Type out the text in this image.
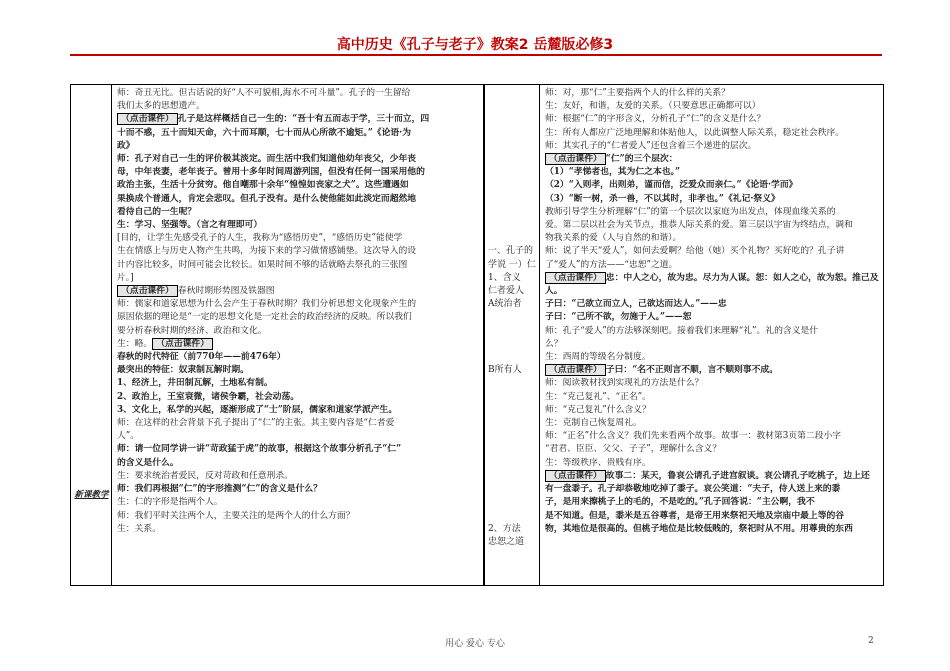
高中历史《孔子与老子》教案2 岳麓版必修3
新课教学

师：奇丑无比。但古话说的好“人不可貌相,海水不可斗量”。孔子的一生留给

我们太多的思想遗产。

（点击课件） 孔子是这样概括自己一生的：“吾十有五而志于学，三十而立，四

十而不惑，五十而知天命，六十而耳顺，七十而从心所欲不逾矩。”《论语·为

政》

师：孔子对自己一生的评价极其淡定。而生活中我们知道他幼年丧父，少年丧

母，中年丧妻，老年丧子。曾用十多年时间周游列国，但没有任何一国采用他的

政治主张，生活十分贫穷。他自嘲那十余年“惶惶如丧家之犬”。这些遭遇如

果换成个普通人，肯定会悲叹。但孔子没有。是什么使他能如此淡定而超然地

看待自己的一生呢？

生：学习、坚强等。（言之有理即可）

[目的，让学生先感受孔子的人生，我称为“感悟历史”，“感悟历史”能使学

生在情感上与历史人物产生共鸣，为接下来的学习做情感铺垫。这次导入的设

计内容比较多，时间可能会比较长。如果时间不够的话就略去祭孔的三张图

片。]

（点击课件） 春秋时期形势图及铁器图

师：儒家和道家思想为什么会产生于春秋时期？我们分析思想文化现象产生的

原因依据的理论是“一定的思想文化是一定社会的政治经济的反映。所以我们

要分析春秋时期的经济、政治和文化。

生：略。 （点击课件）

春秋的时代特征（前770年——前476年）

最突出的特征：奴隶制瓦解时期。

1、经济上，井田制瓦解，土地私有制。

2、政治上，王室衰微，诸侯争霸，社会动荡。

3、文化上，私学的兴起，逐渐形成了“士”阶层，儒家和道家学派产生。

师：在这样的社会背景下孔子提出了“仁”的主张。其主要内容是“仁者爱

人”。

师：请一位同学讲一讲“苛政猛于虎”的故事，根据这个故事分析孔子“仁”

的含义是什么。

生：要求统治者爱民，反对苛政和任意刑杀。

师：我们再根据“仁”的字形推测“仁”的含义是什么？

生：仁的字形是指两个人。

师：我们平时关注两个人，主要关注的是两个人的什么方面？

生：关系。

一、孔子的

学说 一）仁

1、含义

仁者爱人

A统治者

B所有人

2、方法

忠恕之道

师：对，那“仁”主要指两个人的什么样的关系？

生：友好，和谐，友爱的关系。（只要意思正确都可以）

师：根据“仁”的字形含义，分析孔子“仁”的含义是什么？

生：所有人都应广泛地理解和体贴他人，以此调整人际关系，稳定社会秩序。

师：其实孔子的“仁者爱人”还包含着三个递进的层次。

（点击课件） “仁”的三个层次：

（1）“孝悌者也，其为仁之本也。”

（2）“入则孝，出则弟，谨而信，泛爱众而亲仁。”《论语·学而》

（3）“断一树，杀一兽，不以其时，非孝也。”《礼记·祭义》

教师引导学生分析理解“仁”的第一个层次以家庭为出发点，体现血缘关系的

爱。第二层以社会为关节点，推恭人际关系的爱。第三层以宇宙为终结点，调和

物我关系的爱（人与自然的和谐）。

师：说了半天“爱人”，如何去爱啊？给他（她）买个礼物？买好吃的？孔子讲

了“爱人”的方法——“忠恕”之道。

（点击课件） 忠：中人之心，故为忠。尽力为人谋。恕：如人之心，故为恕。推己及

人。

子曰：“己欲立而立人，己欲达而达人。”——忠

子曰：“己所不欲，勿施于人。”——恕

师：孔子“爱人”的方法够深刻吧。接着我们来理解“礼”。礼的含义是什

么？

生：西周的等级名分制度。

（点击课件） 子曰：“名不正则言不顺，言不顺则事不成。

师：阅读教材找到实现礼的方法是什么？

生：“克己复礼”、“正名”。

师：“克己复礼”什么含义？

生：克制自己恢复周礼。

师：“正名”什么含义？我们先来看两个故事。故事一：教材第3页第二段小字

“君君、臣臣、父父、子子”，理解什么含义？

生：等级秩序、贵贱有序。

（点击课件） 故事二：某天，鲁哀公请孔子进宫叙谈。哀公请孔子吃桃子，边上还

有一盘黍子。孔子却恭敬地吃掉了黍子。哀公笑道：“夫子，侍人送上来的黍

子，是用来擦桃子上的毛的，不是吃的。”孔子回答说：“主公啊，我不

是不知道。但是，黍米是五谷尊者，是帝王用来祭祀天地及宗庙中最上等的谷

物，其地位是很高的。但桃子地位是比较低贱的，祭祀时从不用。用尊贵的东西

用心 爱心 专心	2
